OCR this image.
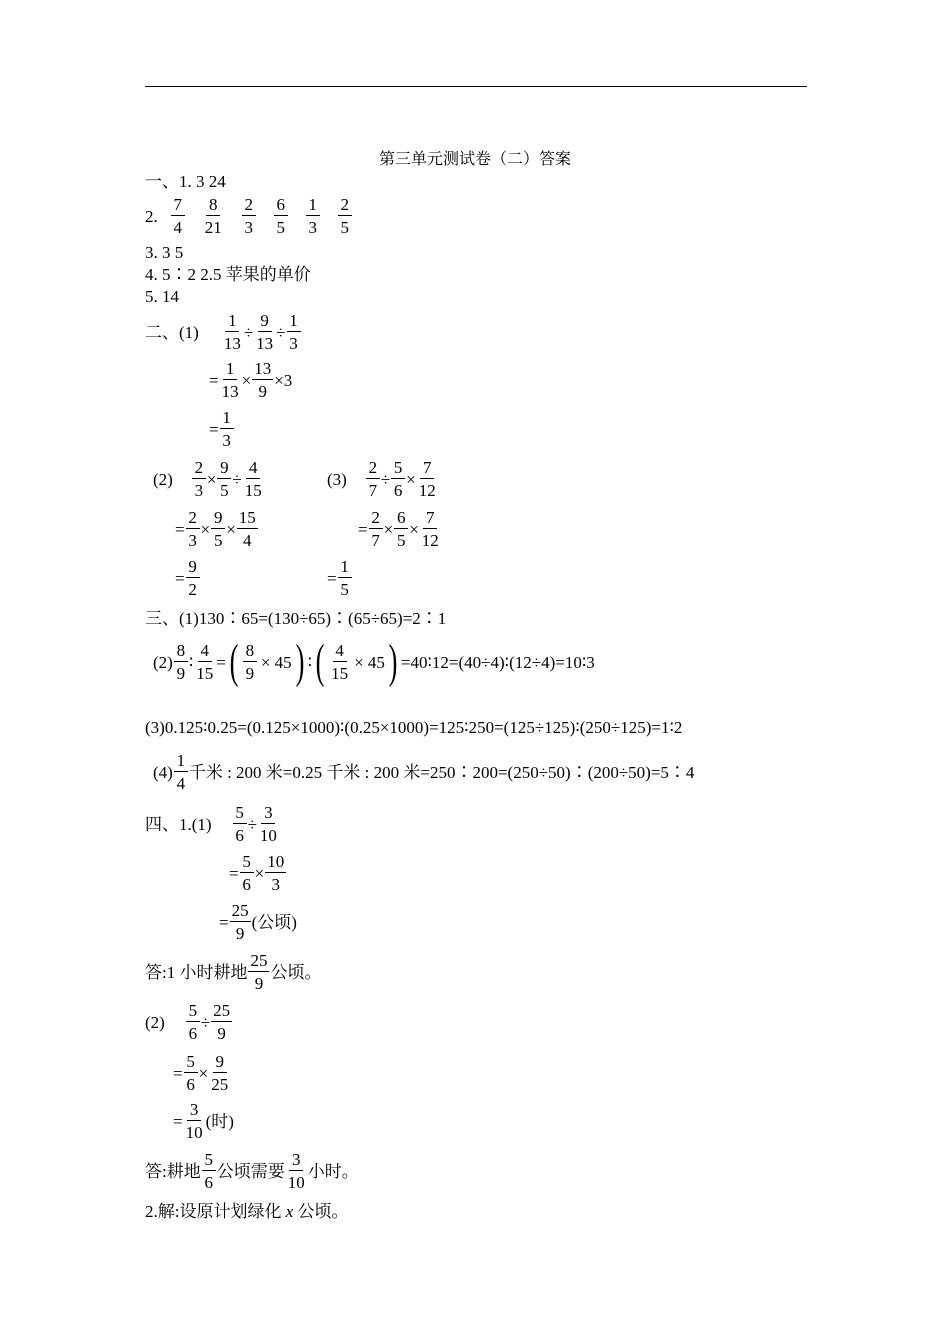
第三单元测试卷（二）答案
一、1. 3 24
2. $\frac{7}{4} \frac{8}{21} \frac{2}{3} \frac{6}{5} \frac{1}{3} \frac{2}{5}$
3. 3 5
4. 5∶2 2.5 苹果的单价
5. 14
二、$(1) \frac{1}{13} \div \frac{9}{13} \div \frac{1}{3}$
= $\frac{1}{13} \times \frac{13}{9} \times 3$
= $\frac{1}{3}$
$(2) \frac{2}{3} \times \frac{9}{5} \div \frac{4}{15}$
= $\frac{2}{3} \times \frac{9}{5} \times \frac{15}{4}$
= $\frac{9}{2}$
$(3) \frac{2}{7} \div \frac{5}{6} \times \frac{7}{12}$
= $\frac{2}{7} \times \frac{6}{5} \times \frac{7}{12}$
= $\frac{1}{5}$
三、(1)130∶65=(130÷65)∶(65÷65)=2∶1
$(2) \frac{8}{9}$ ∶ $\frac{4}{15}$ = ( $\frac{8}{9} \times 45$ ) ∶ ( $\frac{4}{15} \times 45$ ) =40∶12=(40÷4)∶(12÷4)=10∶3
(3)0.125∶0.25=(0.125×1000)∶(0.25×1000)=125∶250=(125÷125)∶(250÷125)=1∶2
$(4) \frac{1}{4}$ 千米 : 200 米=0.25 千米 : 200 米=250∶200=(250÷50)∶(200÷50)=5∶4
四、$1.(1) \frac{5}{6} \div \frac{3}{10}$
= $\frac{5}{6} \times \frac{10}{3}$
= $\frac{25}{9}$ (公顷)
答:1 小时耕地 $\frac{25}{9}$ 公顷。
$(2) \frac{5}{6} \div \frac{25}{9}$
= $\frac{5}{6} \times \frac{9}{25}$
= $\frac{3}{10}$ (时)
答:耕地 $\frac{5}{6}$ 公顷需要 $\frac{3}{10}$ 小时。
2.解:设原计划绿化 x 公顷。
